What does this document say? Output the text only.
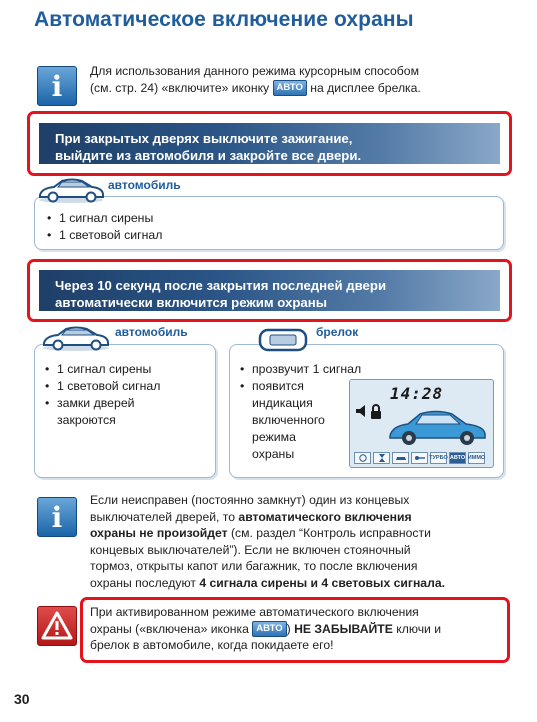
Автоматическое включение охраны
i	Для использования данного режима курсорным способом
(см. стр. 24) «включите» иконку АВТО на дисплее брелка.
При закрытых дверях выключите зажигание,
выйдите из автомобиля и закройте все двери.
• 1 сигнал сирены
• 1 световой сигнал
автомобиль
Через 10 секунд после закрытия последней двери
автоматически включится режим охраны
• 1 сигнал сирены
• 1 световой сигнал
• замки дверей
закроются
автомобиль
• прозвучит 1 сигнал
• появится
индикация
включенного
режима
охраны
14:28
ТУРБО АВТО ИММО
брелок
i
Если неисправен (постоянно замкнут) один из концевых
выключателей дверей, то автоматического включения
охраны не произойдет (см. раздел “Контроль исправности
концевых выключателей”). Если не включен стояночный
тормоз, открыты капот или багажник, то после включения
охраны последуют 4 сигнала сирены и 4 световых сигнала.
При активированном режиме автоматического включения
охраны («включена» иконка АВТО ) НЕ ЗАБЫВАЙТЕ ключи и
брелок в автомобиле, когда покидаете его!
30
